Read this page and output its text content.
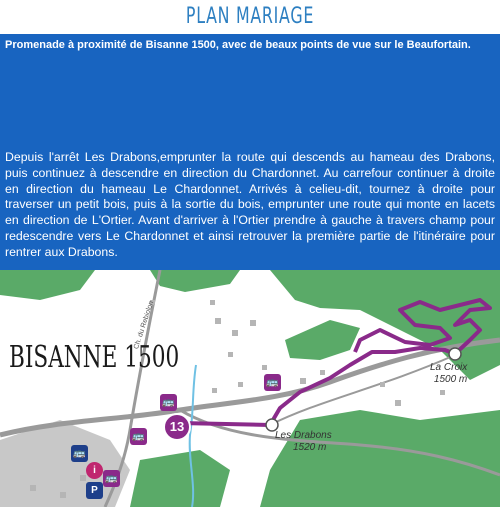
PLAN MARIAGE
Promenade à proximité de Bisanne 1500, avec de beaux points de vue sur le Beaufortain.
Depuis l'arrêt Les Drabons,emprunter la route qui descends au hameau des Drabons, puis continuez à descendre en direction du Chardonnet. Au carrefour continuer à droite en direction du hameau Le Chardonnet. Arrivés à celieu-dit, tournez à droite pour traverser un petit bois, puis à la sortie du bois, emprunter une route qui monte en lacets en direction de L'Ortier. Avant d'arriver à l'Ortier prendre à gauche à travers champ pour redescendre vers Le Chardonnet et ainsi retrouver la première partie de l'itinéraire pour rentrer aux Drabons.
BISANNE 1500
Ch. du Rebiolon
Les Drabons
1520 m
La Croix
1500 m
13
🚌
🚌
🚌
🚌
i
🚌
P
